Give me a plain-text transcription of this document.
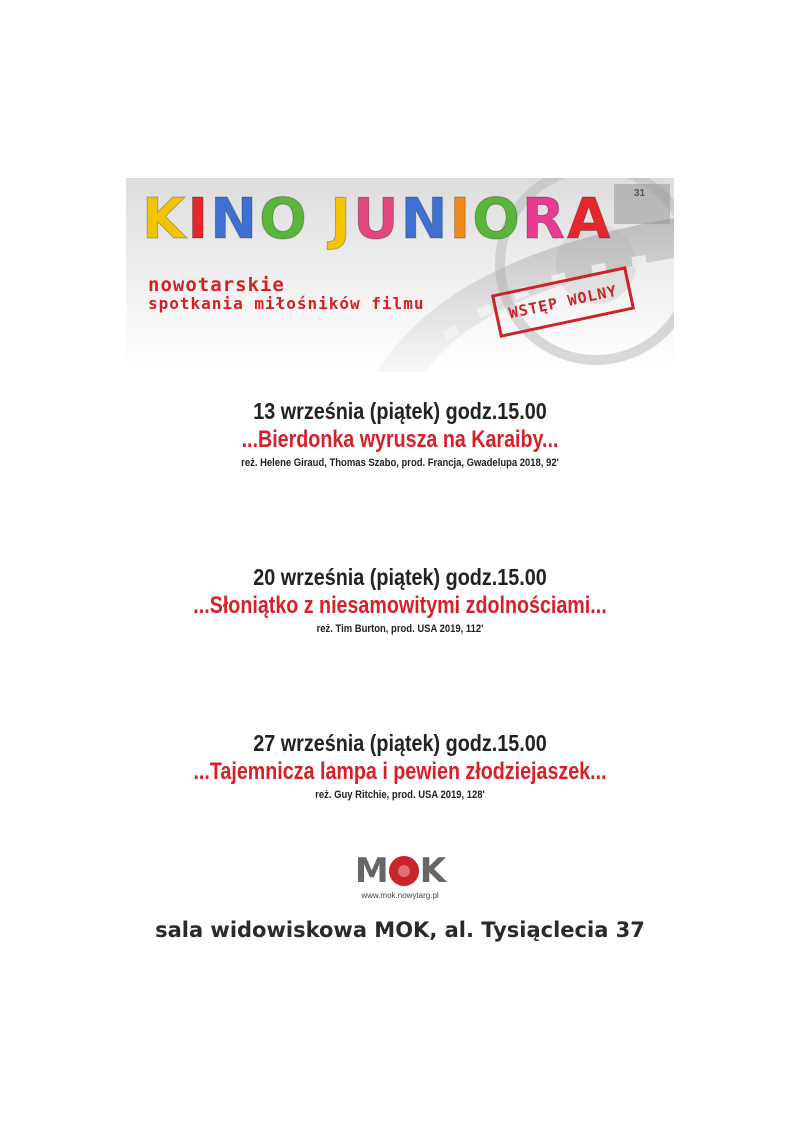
31
KINO JUNIORA
nowotarskie
spotkania miłośników filmu	WSTĘP WOLNY
13 września (piątek) godz.15.00
...Bierdonka wyrusza na Karaiby...
reż. Helene Giraud, Thomas Szabo, prod. Francja, Gwadelupa 2018, 92'
20 września (piątek) godz.15.00
...Słoniątko z niesamowitymi zdolnościami...
reż. Tim Burton, prod. USA 2019, 112'
27 września (piątek) godz.15.00
...Tajemnicza lampa i pewien złodziejaszek...
reż. Guy Ritchie, prod. USA 2019, 128'
M K
www.mok.nowytarg.pl
sala widowiskowa MOK, al. Tysiąclecia 37
